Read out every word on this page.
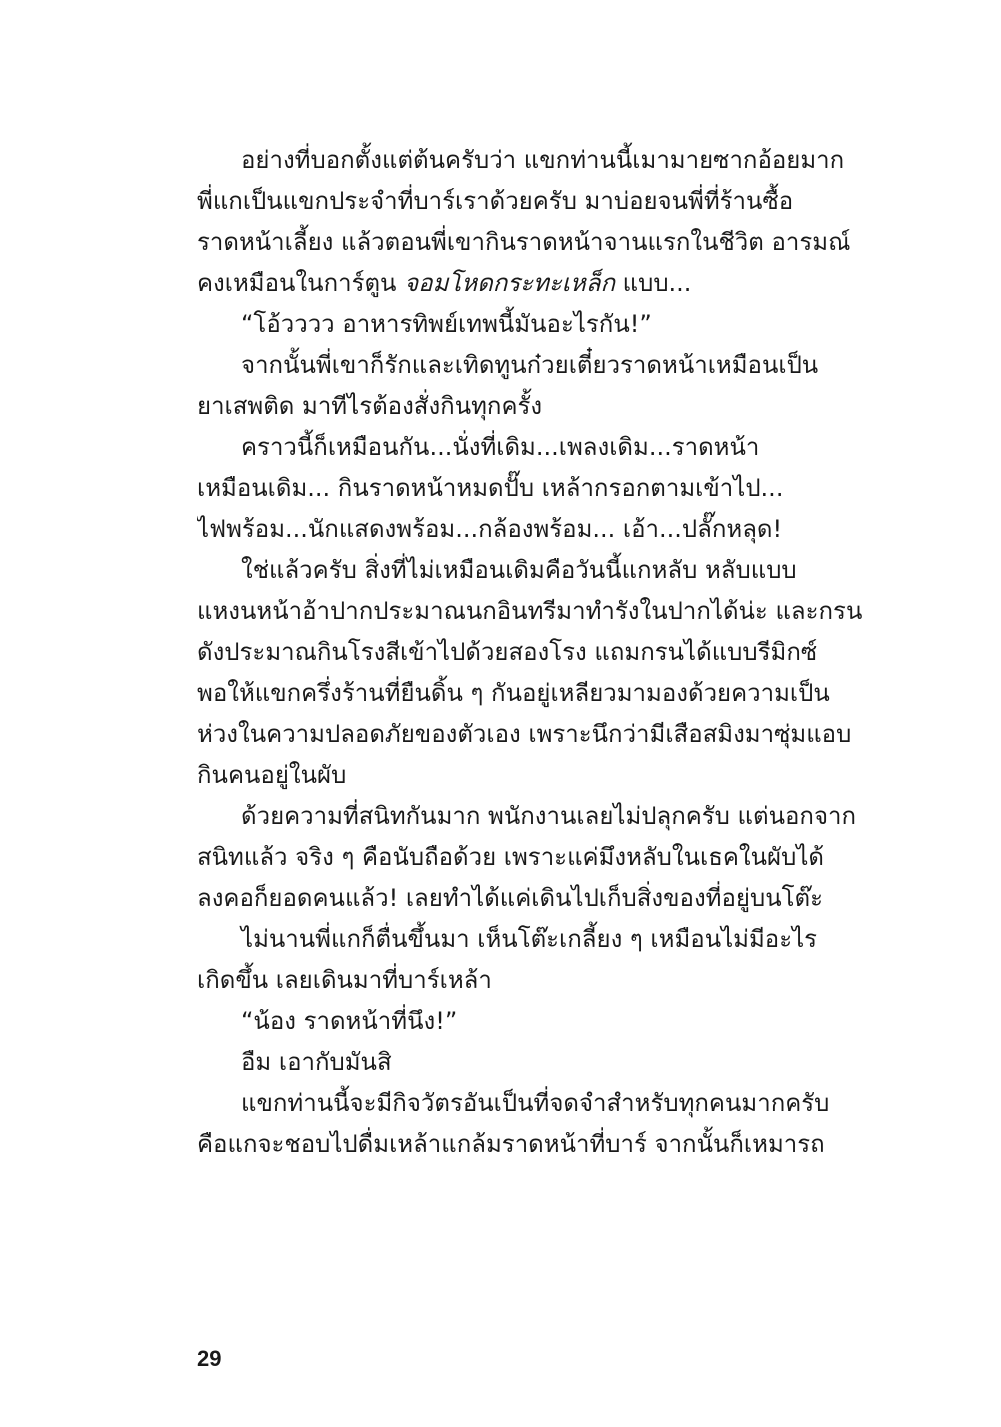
อย่างที่บอกตั้งแต่ต้นครับว่า แขกท่านนี้เมามายซากอ้อยมาก
พี่แกเป็นแขกประจำที่บาร์เราด้วยครับ มาบ่อยจนพี่ที่ร้านซื้อ
ราดหน้าเลี้ยง แล้วตอนพี่เขากินราดหน้าจานแรกในชีวิต อารมณ์
คงเหมือนในการ์ตูน จอมโหดกระทะเหล็ก แบบ...
“โอ้วววว อาหารทิพย์เทพนี้มันอะไรกัน!”
จากนั้นพี่เขาก็รักและเทิดทูนก๋วยเตี๋ยวราดหน้าเหมือนเป็น
ยาเสพติด มาทีไรต้องสั่งกินทุกครั้ง
คราวนี้ก็เหมือนกัน...นั่งที่เดิม...เพลงเดิม...ราดหน้า
เหมือนเดิม... กินราดหน้าหมดปั๊บ เหล้ากรอกตามเข้าไป...
ไฟพร้อม...นักแสดงพร้อม...กล้องพร้อม... เอ้า...ปลั๊กหลุด!
ใช่แล้วครับ สิ่งที่ไม่เหมือนเดิมคือวันนี้แกหลับ หลับแบบ
แหงนหน้าอ้าปากประมาณนกอินทรีมาทำรังในปากได้น่ะ และกรน
ดังประมาณกินโรงสีเข้าไปด้วยสองโรง แถมกรนได้แบบรีมิกซ์
พอให้แขกครึ่งร้านที่ยืนดิ้น ๆ กันอยู่เหลียวมามองด้วยความเป็น
ห่วงในความปลอดภัยของตัวเอง เพราะนึกว่ามีเสือสมิงมาซุ่มแอบ
กินคนอยู่ในผับ
ด้วยความที่สนิทกันมาก พนักงานเลยไม่ปลุกครับ แต่นอกจาก
สนิทแล้ว จริง ๆ คือนับถือด้วย เพราะแค่มึงหลับในเธคในผับได้
ลงคอก็ยอดคนแล้ว! เลยทำได้แค่เดินไปเก็บสิ่งของที่อยู่บนโต๊ะ
ไม่นานพี่แกก็ตื่นขึ้นมา เห็นโต๊ะเกลี้ยง ๆ เหมือนไม่มีอะไร
เกิดขึ้น เลยเดินมาที่บาร์เหล้า
“น้อง ราดหน้าที่นึง!”
อืม เอากับมันสิ
แขกท่านนี้จะมีกิจวัตรอันเป็นที่จดจำสำหรับทุกคนมากครับ
คือแกจะชอบไปดื่มเหล้าแกล้มราดหน้าที่บาร์ จากนั้นก็เหมารถ
29
